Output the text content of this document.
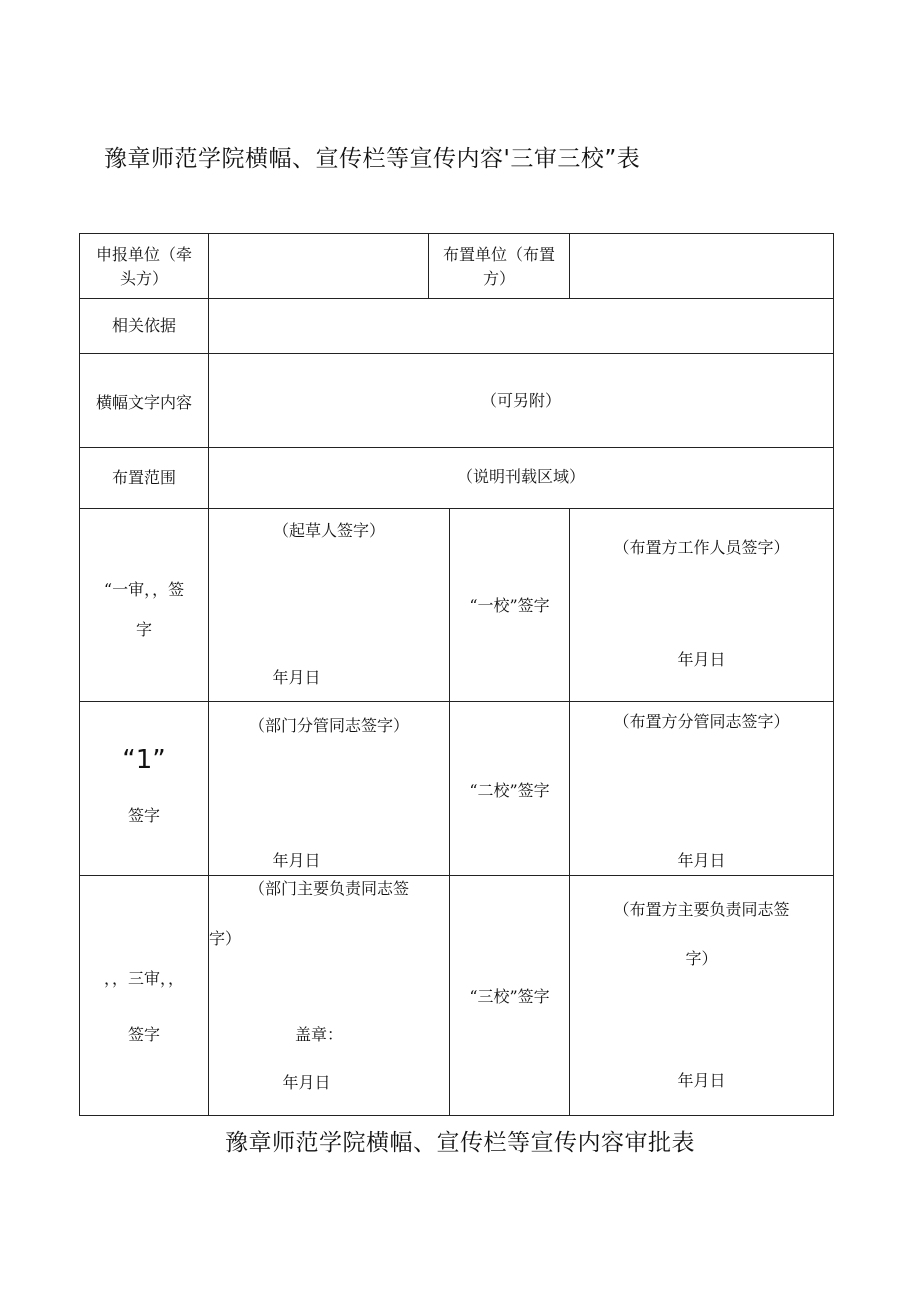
豫章师范学院横幅、宣传栏等宣传内容'三审三校”表
申报单位（牵
头方）
布置单位（布置
方）
相关依据
横幅文字内容	（可另附）
布置范围	（说明刊载区域）
“一审，，签
字
（起草人签字）
年月日
“一校”签字
（布置方工作人员签字）
年月日
“1”
签字
（部门分管同志签字）
年月日
“二校”签字
（布置方分管同志签字）
年月日
，，三审，，
签字
（部门主要负责同志签
字）
盖章：
年月日
“三校”签字
（布置方主要负责同志签
字）
年月日
豫章师范学院横幅、宣传栏等宣传内容审批表
